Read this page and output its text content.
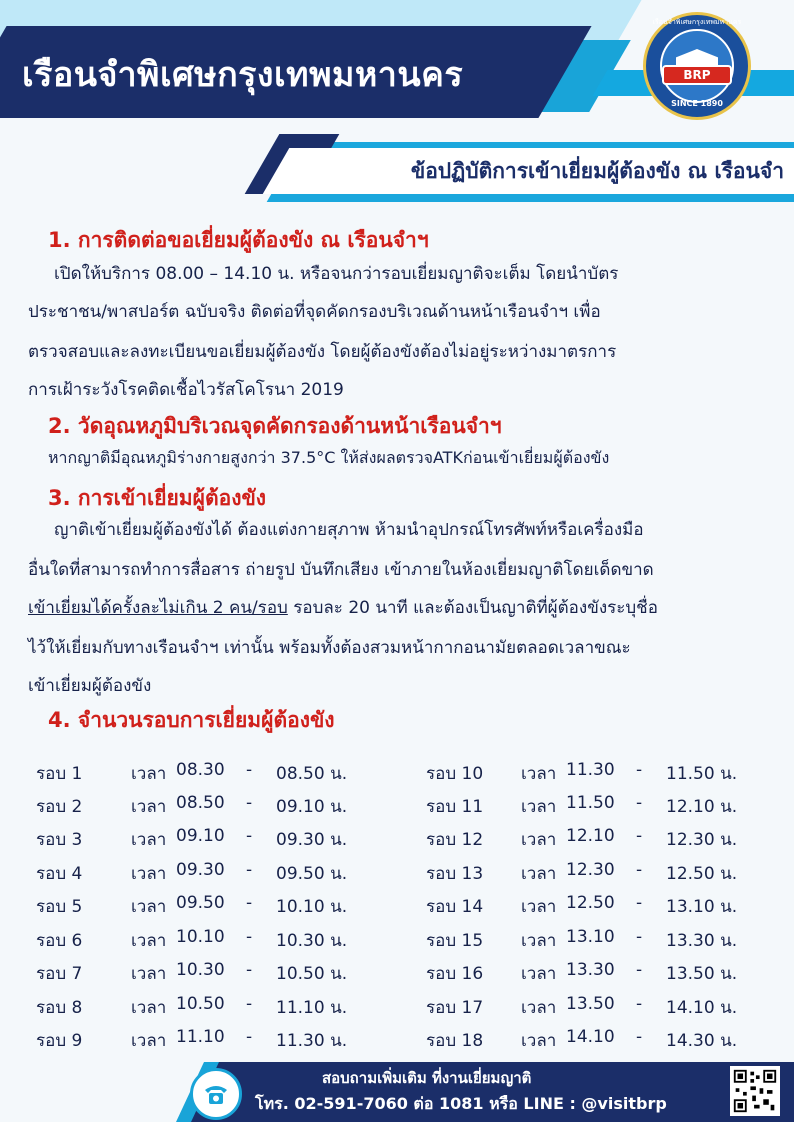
เรือนจำพิเศษกรุงเทพมหานคร
เรือนจำพิเศษกรุงเทพมหานคร
BRP
SINCE 1890
ข้อปฏิบัติการเข้าเยี่ยมผู้ต้องขัง ณ เรือนจำ
1. การติดต่อขอเยี่ยมผู้ต้องขัง ณ เรือนจำฯ
เปิดให้บริการ 08.00 – 14.10 น. หรือจนกว่ารอบเยี่ยมญาติจะเต็ม โดยนำบัตร
ประชาชน/พาสปอร์ต ฉบับจริง ติดต่อที่จุดคัดกรองบริเวณด้านหน้าเรือนจำฯ เพื่อ
ตรวจสอบและลงทะเบียนขอเยี่ยมผู้ต้องขัง โดยผู้ต้องขังต้องไม่อยู่ระหว่างมาตรการ
การเฝ้าระวังโรคติดเชื้อไวรัสโคโรนา 2019
2. วัดอุณหภูมิบริเวณจุดคัดกรองด้านหน้าเรือนจำฯ
หากญาติมีอุณหภูมิร่างกายสูงกว่า 37.5°C ให้ส่งผลตรวจATKก่อนเข้าเยี่ยมผู้ต้องขัง
3. การเข้าเยี่ยมผู้ต้องขัง
ญาติเข้าเยี่ยมผู้ต้องขังได้ ต้องแต่งกายสุภาพ ห้ามนำอุปกรณ์โทรศัพท์หรือเครื่องมือ
อื่นใดที่สามารถทำการสื่อสาร ถ่ายรูป บันทึกเสียง เข้าภายในห้องเยี่ยมญาติโดยเด็ดขาด
เข้าเยี่ยมได้ครั้งละไม่เกิน 2 คน/รอบ รอบละ 20 นาที และต้องเป็นญาติที่ผู้ต้องขังระบุชื่อ
ไว้ให้เยี่ยมกับทางเรือนจำฯ เท่านั้น พร้อมทั้งต้องสวมหน้ากากอนามัยตลอดเวลาขณะ
เข้าเยี่ยมผู้ต้องขัง
4. จำนวนรอบการเยี่ยมผู้ต้องขัง
รอบ 1	เวลา 08.30 - 08.50 น.
รอบ 2	เวลา 08.50 - 09.10 น.
รอบ 3	เวลา 09.10 - 09.30 น.
รอบ 4	เวลา 09.30 - 09.50 น.
รอบ 5	เวลา 09.50 - 10.10 น.
รอบ 6	เวลา 10.10 - 10.30 น.
รอบ 7	เวลา 10.30 - 10.50 น.
รอบ 8	เวลา 10.50 - 11.10 น.
รอบ 9	เวลา 11.10 - 11.30 น.
รอบ 10 เวลา 11.30 - 11.50 น.
รอบ 11 เวลา 11.50 - 12.10 น.
รอบ 12 เวลา 12.10 - 12.30 น.
รอบ 13 เวลา 12.30 - 12.50 น.
รอบ 14 เวลา 12.50 - 13.10 น.
รอบ 15 เวลา 13.10 - 13.30 น.
รอบ 16 เวลา 13.30 - 13.50 น.
รอบ 17 เวลา 13.50 - 14.10 น.
รอบ 18 เวลา 14.10 - 14.30 น.
สอบถามเพิ่มเติม ที่งานเยี่ยมญาติ
โทร. 02-591-7060 ต่อ 1081 หรือ LINE : @visitbrp
